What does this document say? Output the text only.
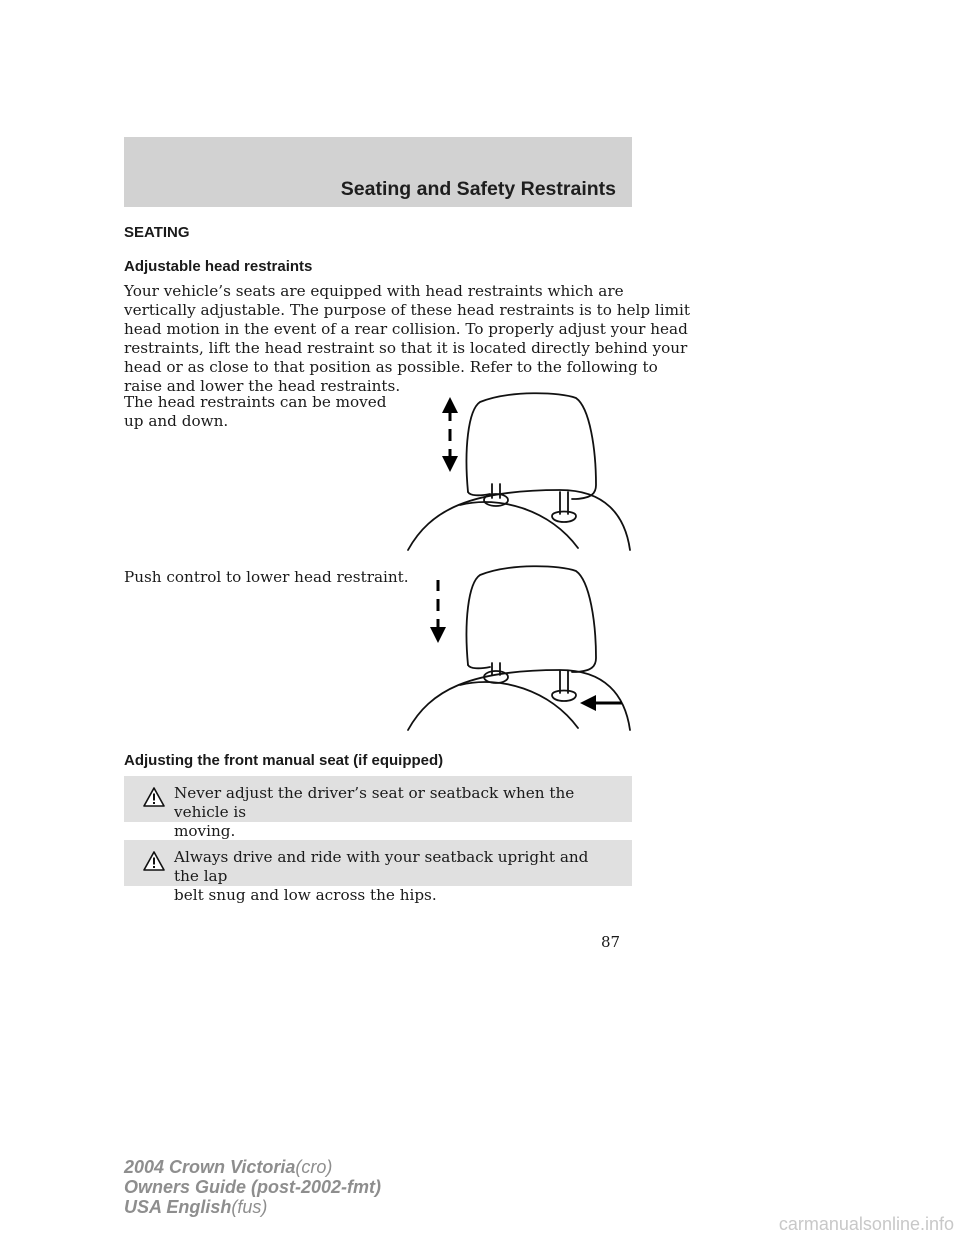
Seating and Safety Restraints
SEATING
Adjustable head restraints
Your vehicle’s seats are equipped with head restraints which are
vertically adjustable. The purpose of these head restraints is to help limit
head motion in the event of a rear collision. To properly adjust your head
restraints, lift the head restraint so that it is located directly behind your
head or as close to that position as possible. Refer to the following to
raise and lower the head restraints.
The head restraints can be moved
up and down.
Push control to lower head restraint.
Adjusting the front manual seat (if equipped)
Never adjust the driver’s seat or seatback when the vehicle is
moving.
Always drive and ride with your seatback upright and the lap
belt snug and low across the hips.
87
2004 Crown Victoria(cro)
Owners Guide (post-2002-fmt)
USA English(fus)
carmanualsonline.info
